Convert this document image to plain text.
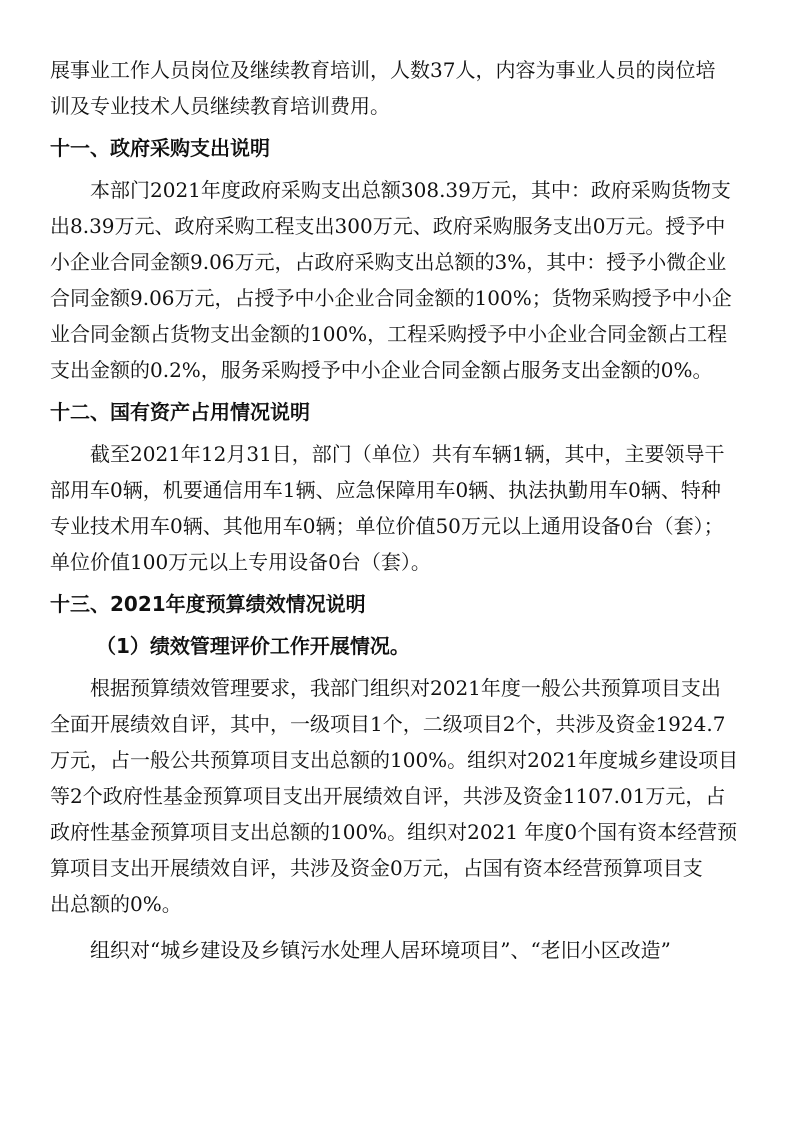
展事业工作人员岗位及继续教育培训，人数37人，内容为事业人员的岗位培
训及专业技术人员继续教育培训费用。
十一、政府采购支出说明
本部门2021年度政府采购支出总额308.39万元，其中：政府采购货物支
出8.39万元、政府采购工程支出300万元、政府采购服务支出0万元。授予中
小企业合同金额9.06万元，占政府采购支出总额的3%，其中：授予小微企业
合同金额9.06万元，占授予中小企业合同金额的100%；货物采购授予中小企
业合同金额占货物支出金额的100%，工程采购授予中小企业合同金额占工程
支出金额的0.2%，服务采购授予中小企业合同金额占服务支出金额的0%。
十二、国有资产占用情况说明
截至2021年12月31日，部门（单位）共有车辆1辆，其中，主要领导干
部用车0辆，机要通信用车1辆、应急保障用车0辆、执法执勤用车0辆、特种
专业技术用车0辆、其他用车0辆；单位价值50万元以上通用设备0台（套）；
单位价值100万元以上专用设备0台（套）。
十三、2021年度预算绩效情况说明
（1）绩效管理评价工作开展情况。
根据预算绩效管理要求，我部门组织对2021年度一般公共预算项目支出
全面开展绩效自评，其中，一级项目1个，二级项目2个，共涉及资金1924.7
万元，占一般公共预算项目支出总额的100%。组织对2021年度城乡建设项目
等2个政府性基金预算项目支出开展绩效自评，共涉及资金1107.01万元，占
政府性基金预算项目支出总额的100%。组织对2021 年度0个国有资本经营预
算项目支出开展绩效自评，共涉及资金0万元，占国有资本经营预算项目支
出总额的0%。
组织对“城乡建设及乡镇污水处理人居环境项目”、“老旧小区改造”
